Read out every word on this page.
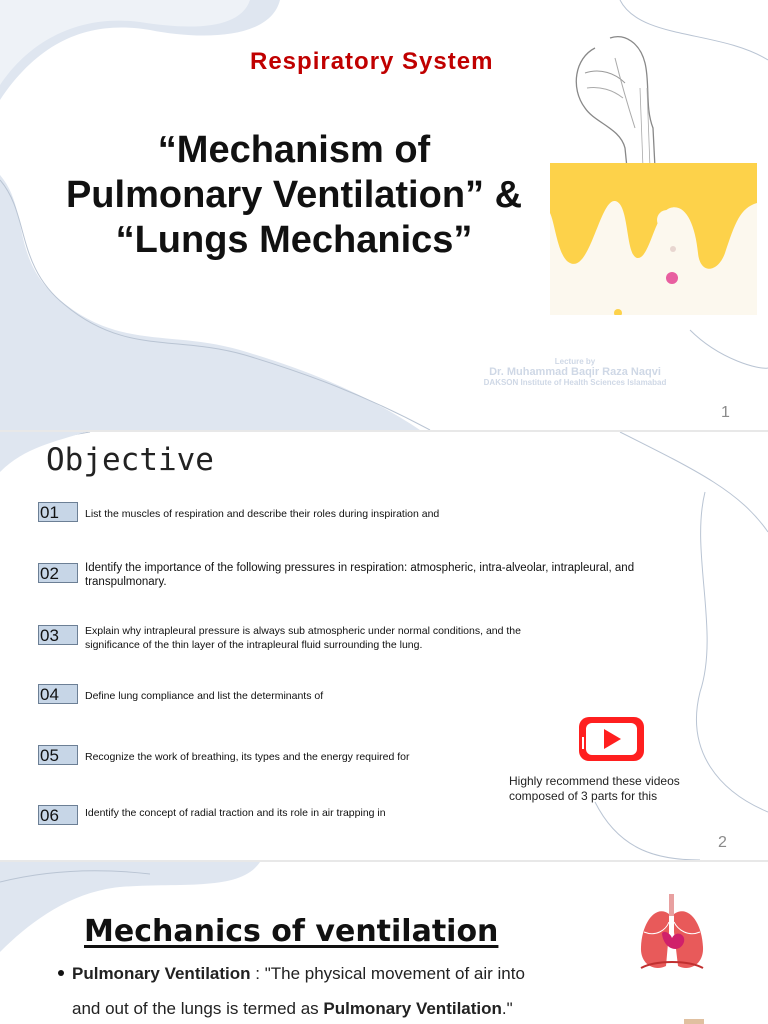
Respiratory System
“Mechanism of
Pulmonary Ventilation” &
“Lungs Mechanics”
Lecture by
Dr. Muhammad Baqir Raza Naqvi
DAKSON Institute of Health Sciences Islamabad
1
Objective
01	List the muscles of respiration and describe their roles during inspiration and
02	Identify the importance of the following pressures in respiration: atmospheric, intra-alveolar, intrapleural, and transpulmonary.
03	Explain why intrapleural pressure is always sub atmospheric under normal conditions, and the significance of the thin layer of the intrapleural fluid surrounding the lung.
04	Define lung compliance and list the determinants of
05	Recognize the work of breathing, its types and the energy required for
06	Identify the concept of radial traction and its role in air trapping in
Highly recommend these videos composed of 3 parts for this
2
Mechanics of ventilation
Pulmonary Ventilation : "The physical movement of air into
and out of the lungs is termed as Pulmonary Ventilation."
